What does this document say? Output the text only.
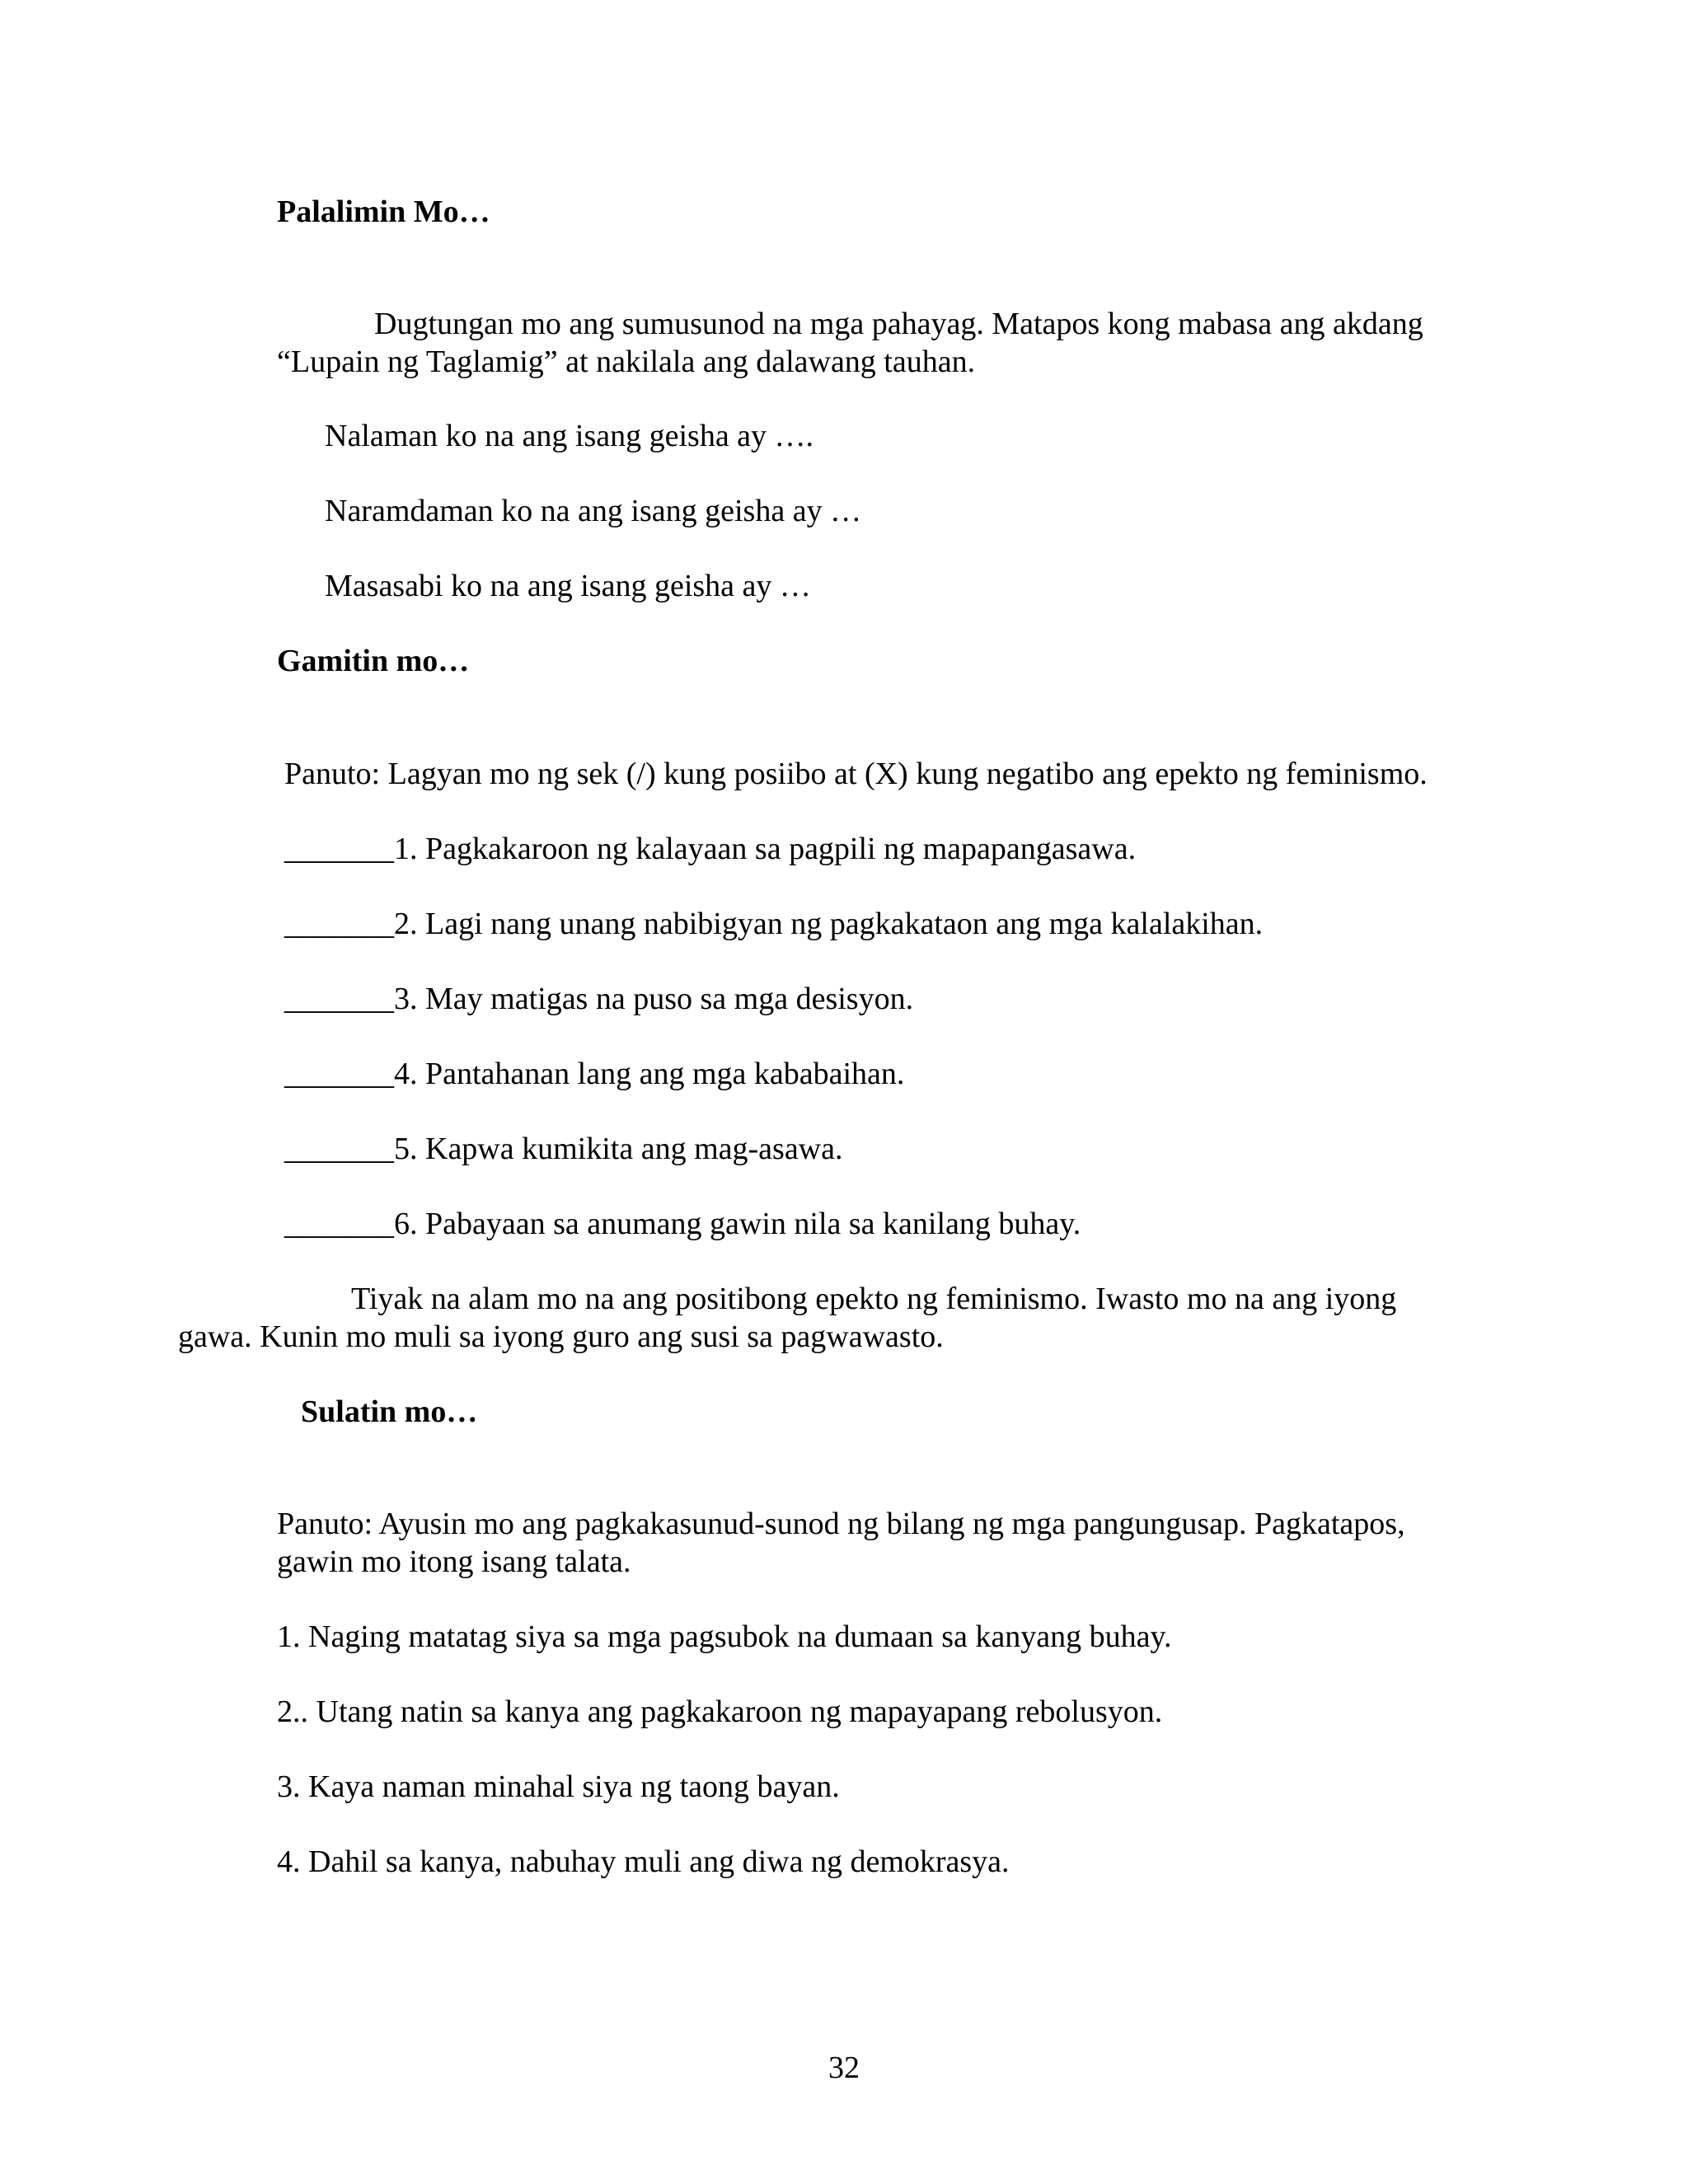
Palalimin Mo…

Dugtungan mo ang sumusunod na mga pahayag. Matapos kong mabasa ang akdang
“Lupain ng Taglamig” at nakilala ang dalawang tauhan.

Nalaman ko na ang isang geisha ay ….

Naramdaman ko na ang isang geisha ay …

Masasabi ko na ang isang geisha ay …

Gamitin mo…

Panuto: Lagyan mo ng sek (/) kung posiibo at (X) kung negatibo ang epekto ng feminismo.

_______1. Pagkakaroon ng kalayaan sa pagpili ng mapapangasawa.
_______2. Lagi nang unang nabibigyan ng pagkakataon ang mga kalalakihan.
_______3. May matigas na puso sa mga desisyon.
_______4. Pantahanan lang ang mga kababaihan.
_______5. Kapwa kumikita ang mag-asawa.
_______6. Pabayaan sa anumang gawin nila sa kanilang buhay.

Tiyak na alam mo na ang positibong epekto ng feminismo. Iwasto mo na ang iyong

gawa. Kunin mo muli sa iyong guro ang susi sa pagwawasto.

Sulatin mo…

Panuto: Ayusin mo ang pagkakasunud-sunod ng bilang ng mga pangungusap. Pagkatapos,
gawin mo itong isang talata.

1. Naging matatag siya sa mga pagsubok na dumaan sa kanyang buhay.

2.. Utang natin sa kanya ang pagkakaroon ng mapayapang rebolusyon.

3. Kaya naman minahal siya ng taong bayan.

4. Dahil sa kanya, nabuhay muli ang diwa ng demokrasya.

32
